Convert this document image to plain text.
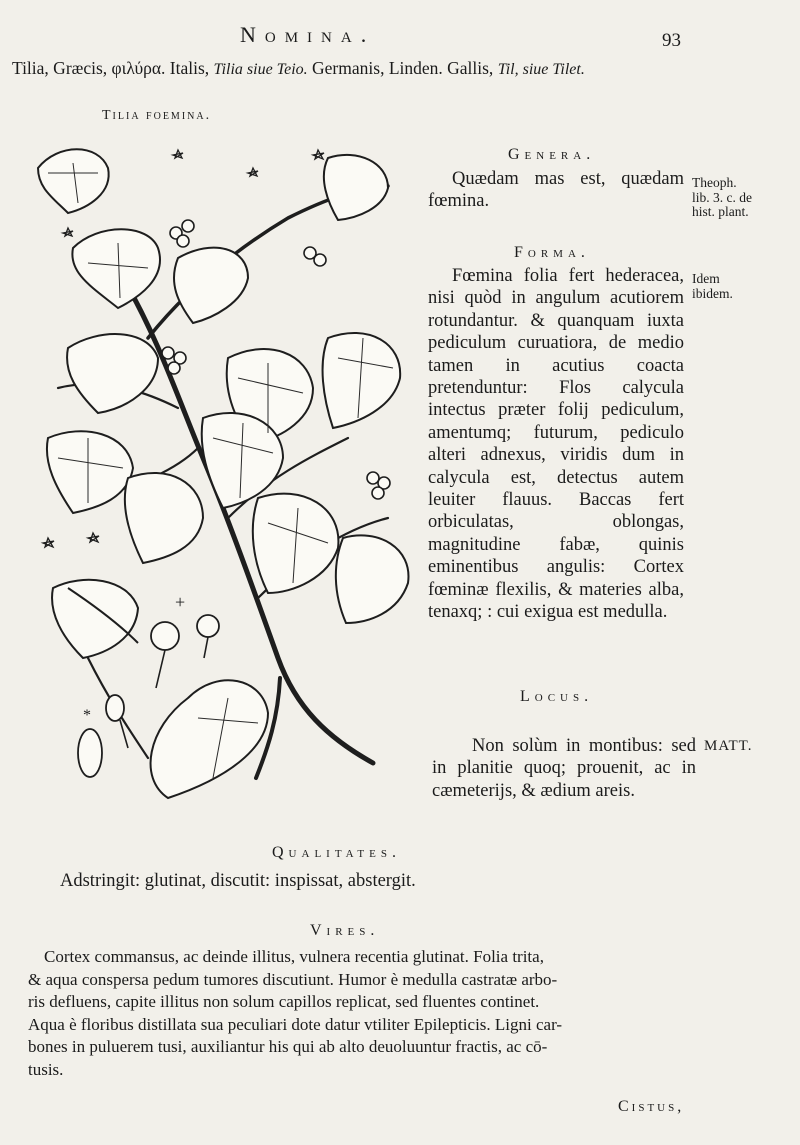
Nomina.	93
Tilia, Græcis, φιλύρα. Italis, Tilia siue Teio. Germanis, Linden. Gallis, Til, siue Tilet.
Tilia foemina.
+
*
Genera.
Quædam mas est, quædam fœmina.
Theoph.
lib. 3. c. de
hist. plant.
Forma.
Fœmina folia fert hederacea, nisi quòd in angulum acutiorem rotundantur. & quanquam iuxta pediculum curuatiora, de medio tamen in acutius coacta pretenduntur: Flos calycula intectus præter folij pediculum, amentumq; futurum, pediculo alteri adnexus, viridis dum in calycula est, detectus autem leuiter flauus. Baccas fert orbiculatas, oblongas, magnitudine fabæ, quinis eminentibus angulis: Cortex fœminæ flexilis, & materies alba, tenaxq; : cui exigua est medulla.
Idem
ibidem.
Locus.
Non solùm in montibus: sed in planitie quoq; prouenit, ac in cæmeterijs, & ædium areis.
MATT.
Qualitates.
Adstringit: glutinat, discutit: inspissat, abstergit.
Vires.
Cortex commansus, ac deinde illitus, vulnera recentia glutinat. Folia trita,
& aqua conspersa pedum tumores discutiunt. Humor è medulla castratæ arbo-
ris defluens, capite illitus non solum capillos replicat, sed fluentes continet.
Aqua è floribus distillata sua peculiari dote datur vtiliter Epilepticis. Ligni car-
bones in puluerem tusi, auxiliantur his qui ab alto deuoluuntur fractis, ac cō-
tusis.
Cistus,
